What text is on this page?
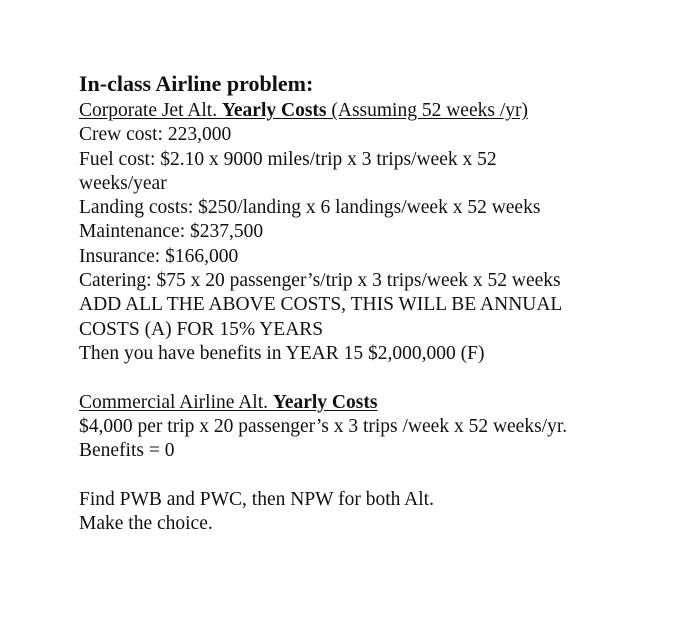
In-class Airline problem:
Corporate Jet Alt. Yearly Costs (Assuming 52 weeks /yr)
Crew cost: 223,000
Fuel cost: $2.10 x 9000 miles/trip x 3 trips/week x 52
weeks/year
Landing costs: $250/landing x 6 landings/week x 52 weeks
Maintenance: $237,500
Insurance: $166,000
Catering: $75 x 20 passenger’s/trip x 3 trips/week x 52 weeks
ADD ALL THE ABOVE COSTS, THIS WILL BE ANNUAL
COSTS (A) FOR 15% YEARS
Then you have benefits in YEAR 15 $2,000,000 (F)
Commercial Airline Alt. Yearly Costs
$4,000 per trip x 20 passenger’s x 3 trips /week x 52 weeks/yr.
Benefits = 0
Find PWB and PWC, then NPW for both Alt.
Make the choice.
